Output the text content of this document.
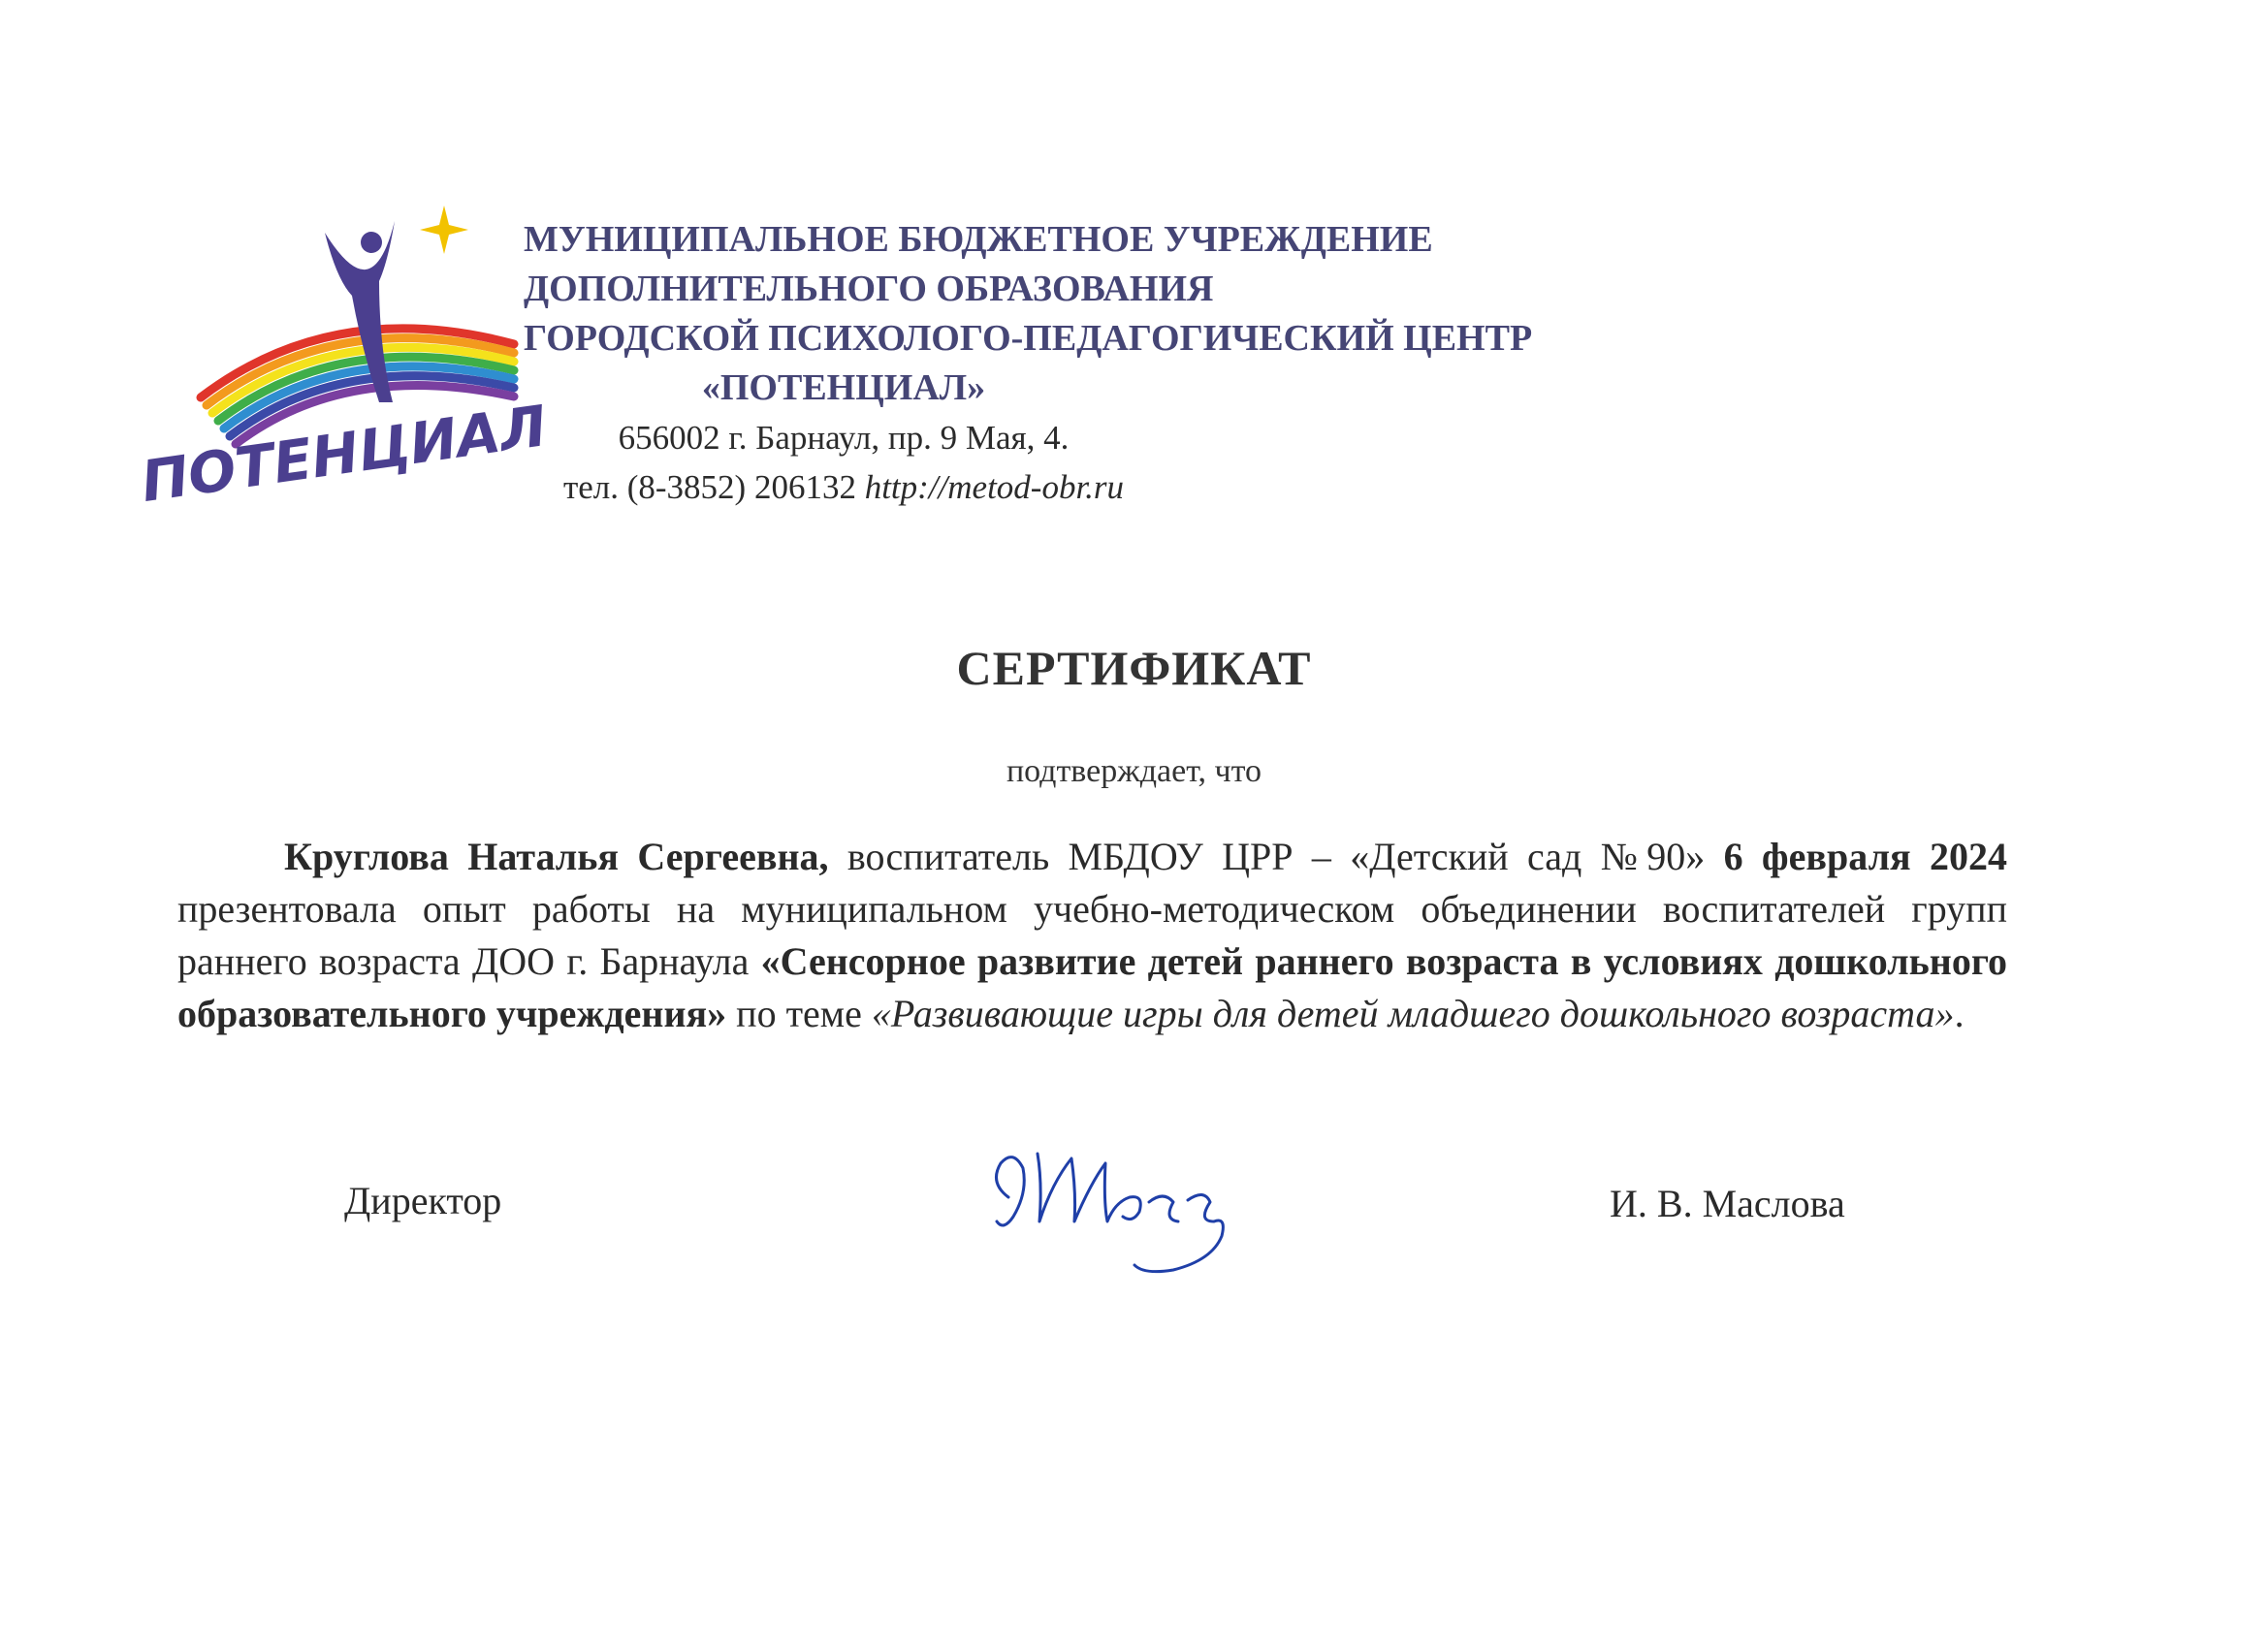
ПОТЕНЦИАЛ
МУНИЦИПАЛЬНОЕ БЮДЖЕТНОЕ УЧРЕЖДЕНИЕ
ДОПОЛНИТЕЛЬНОГО ОБРАЗОВАНИЯ
ГОРОДСКОЙ ПСИХОЛОГО-ПЕДАГОГИЧЕСКИЙ ЦЕНТР
«ПОТЕНЦИАЛ»
656002 г. Барнаул, пр. 9 Мая, 4.
тел. (8-3852) 206132 http://metod-obr.ru
СЕРТИФИКАТ
подтверждает, что
Круглова Наталья Сергеевна, воспитатель МБДОУ ЦРР – «Детский сад №90» 6 февраля 2024 презентовала опыт работы на муниципальном учебно-методическом объединении воспитателей групп раннего возраста ДОО г. Барнаула «Сенсорное развитие детей раннего возраста в условиях дошкольного образовательного учреждения» по теме «Развивающие игры для детей младшего дошкольного возраста».
Директор	И. В. Маслова
